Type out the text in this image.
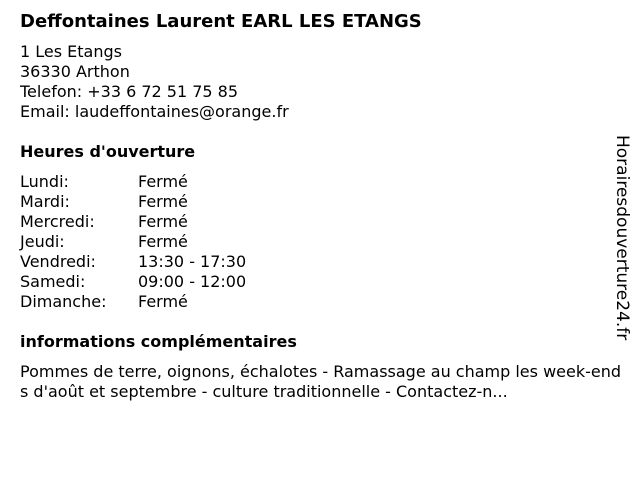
Deffontaines Laurent EARL LES ETANGS
1 Les Etangs
36330 Arthon
Telefon: +33 6 72 51 75 85
Email: laudeffontaines@orange.fr
Heures d'ouverture
Lundi:	Fermé
Mardi:	Fermé
Mercredi:	Fermé
Jeudi:	Fermé
Vendredi:	13:30 - 17:30
Samedi:	09:00 - 12:00
Dimanche:	Fermé
informations complémentaires
Pommes de terre, oignons, échalotes - Ramassage au champ les week-ends d'août et septembre - culture traditionnelle - Contactez-n...
Horairesdouverture24.fr
